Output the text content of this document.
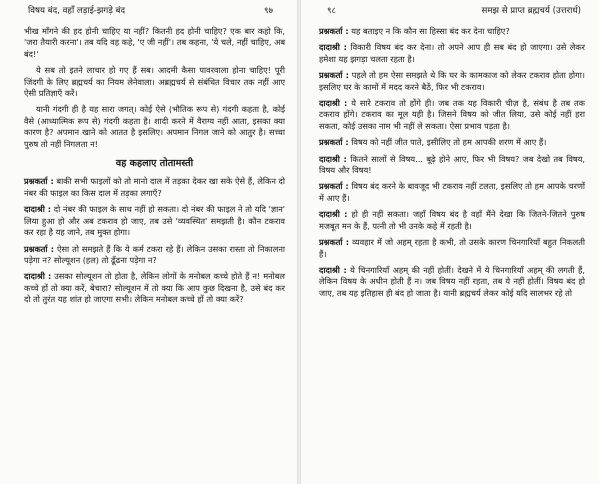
विषय बंद, वहाँ लड़ाई-झगड़े बंद	९७

भीख माँगने की हद होनी चाहिए या नहीं? कितनी हद होनी चाहिए? एक बार कहो कि, 'जरा तैयारी करना'। तब यदि वह कहे, 'ए जी नहीं'। तब कहना, 'ये चले, नहीं चाहिए, अब बंद!'

ये सब तो इतने लाचार हो गए हैं सब। आदमी कैसा पावरवाला होना चाहिए! पूरी जिंदगी के लिए ब्रह्मचर्य का नियम लेनेवाला। अब्रह्मचर्य से संबंधित विचार तक नहीं आए ऐसी प्रतिज्ञाएँ करें।

यानी गंदगी ही है यह सारा जगत्। कोई ऐसे (भौतिक रूप से) गंदगी कहता है, कोई वैसे (आध्यात्मिक रूप से) गंदगी कहता है। शादी करने में वैराग्य नहीं आता, इसका क्या कारण है? अपमान खाने को आतत है इसलिए। अपमान निगल जाने को आतुर है। सच्चा पुरुष तो नहीं निगलता न!

वह कहलाए तोतामस्ती

प्रश्नकर्ता : बाकी सभी फाइलों को तो मानो दाल में तड़का देकर खा सके ऐसे हैं, लेकिन दो नंबर की फाइल का किस दाल में तड़का लगाएँ?

दादाश्री : दो नंबर की फाइल के साथ नहीं हो सकता। दो नंबर की फाइल ने तो यदि 'ज्ञान' लिया हुआ हो और अब टकराव हो जाए, तब उसे 'व्यवस्थित' समझती है। कौन टकराव कर रहा है यह जाने, तब मुक्त होगा।

प्रश्नकर्ता : ऐसा तो समझते हैं कि ये कर्म टकरा रहे हैं। लेकिन उसका रास्ता तो निकालना पड़ेगा न? सोल्यूशन (हल) तो ढूँढना पड़ेगा न?

दादाश्री : उसका सोल्यूशन तो होता है, लेकिन लोगों के मनोबल कच्चे होते हैं न! मनोबल कच्चे हों तो क्या करें, बेचारा? सोल्यूशन में तो क्या कि आप कुछ दिखना है, उसे बंद कर दो तो तुरंत यह शांत हो जाएगा सभी। लेकिन मनोबल कच्चे हों तो क्या करें?

९८	समझ से प्राप्त ब्रह्मचर्य (उत्तरार्ध)

प्रश्नकर्ता : यह बताइए न कि कौन सा हिस्सा बंद कर देना चाहिए?

दादाश्री : विकारी विषय बंद कर देना। तो अपने आप ही सब बंद हो जाएगा। उसे लेकर हमेशा यह झगड़ा चलता रहता है।

प्रश्नकर्ता : पहले तो हम ऐसा समझते थे कि घर के कामकाज को लेकर टकराव होता होगा। इसलिए घर के कामों में मदद करने बैठें, फिर भी टकराव।

दादाश्री : ये सारे टकराव तो होंगे ही। जब तक यह विकारी चीज़ है, संबंध है तब तक टकराव होंगे। टकराव का मूल यही है। जिसने विषय को जीत लिया, उसे कोई नहीं हरा सकता, कोई उसका नाम भी नहीं ले सकता। ऐसा प्रभाव पड़ता है।

प्रश्नकर्ता : विषय को नहीं जीत पाते, इसीलिए तो हम आपकी शरण में आए हैं।

दादाश्री : कितने सालों से विषय... बूढ़े होने आए, फिर भी विषय? जब देखो तब विषय, विषय और विषय!

प्रश्नकर्ता : विषय बंद करने के बावजूद भी टकराव नहीं टलता, इसलिए तो हम आपके चरणों में आए हैं।

दादाश्री : हो ही नहीं सकता। जहाँ विषय बंद है वहाँ मैंने देखा कि जितने-जितने पुरुष मजबूत मन के हैं, पत्नी तो भी उनके कहे में रहती है।

प्रश्नकर्ता : व्यवहार में जो अहम् रहता है कभी, तो उसके कारण चिनगारियाँ बहुत निकलती हैं।

दादाश्री : ये चिनगारियाँ अहम् की नहीं होतीं। देखने में ये चिनगारियाँ अहम् की लगती हैं, लेकिन विषय के अधीन होती हैं न। जब विषय नहीं रहता, तब ये नहीं होतीं। विषय बंद हो जाए, तब यह इतिहास ही बंद हो जाता है। यानी ब्रह्मचर्य लेकर कोई यदि सालभर रहे तो
